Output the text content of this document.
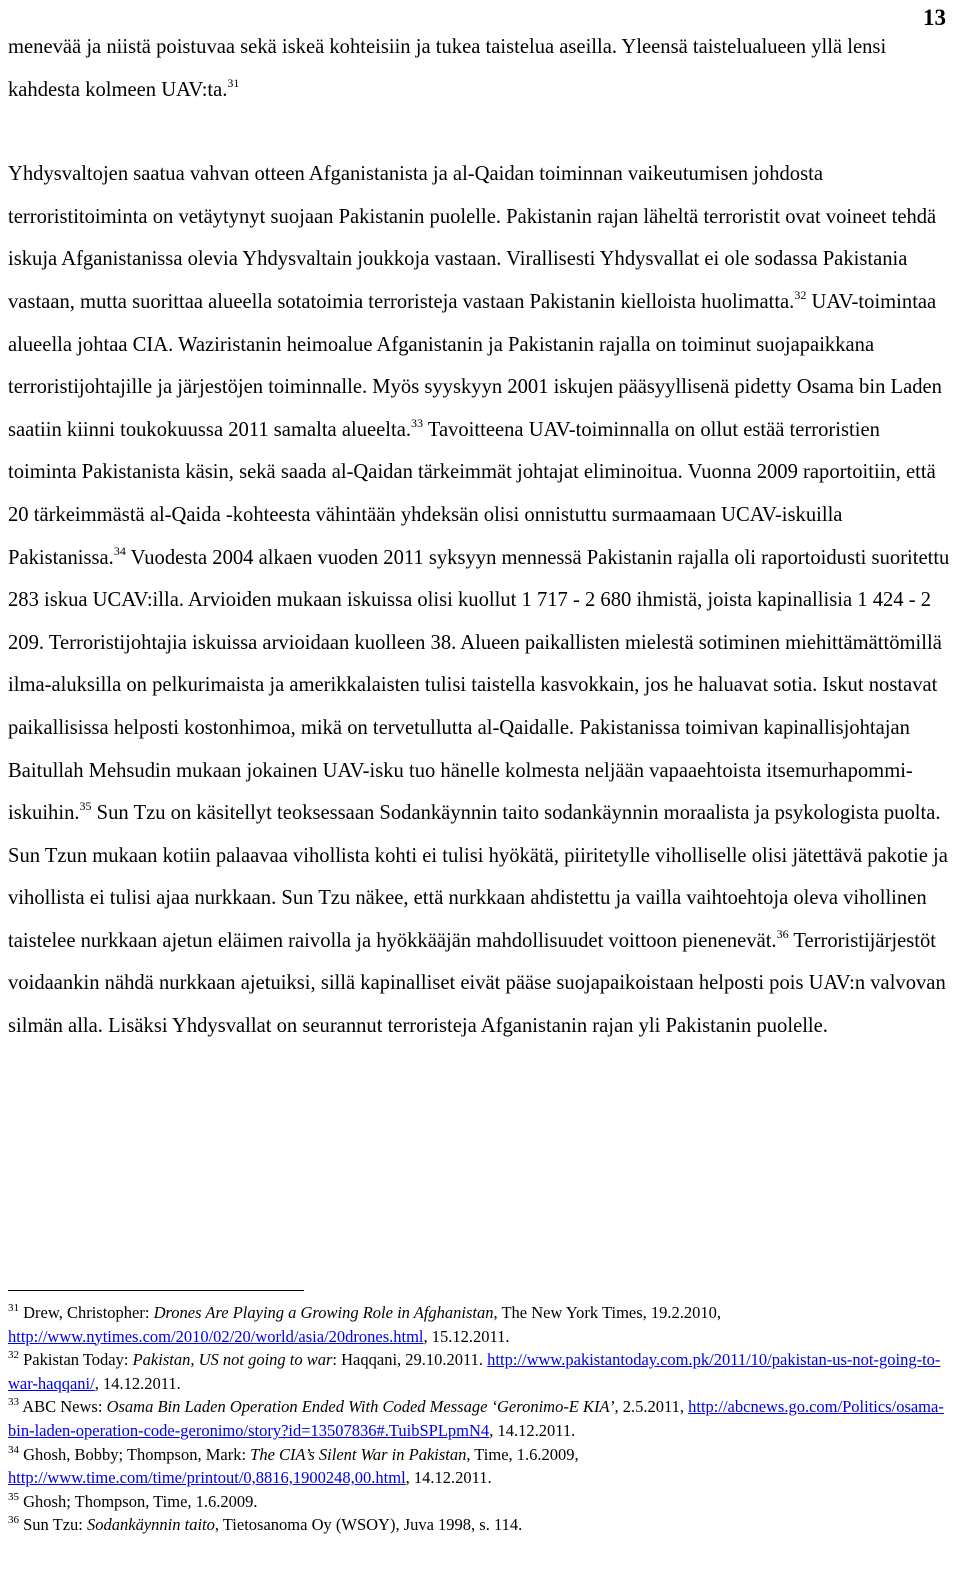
13

menevää ja niistä poistuvaa sekä iskeä kohteisiin ja tukea taistelua aseilla. Yleensä taistelualueen yllä lensi kahdesta kolmeen UAV:ta.$^{31}$

Yhdysvaltojen saatua vahvan otteen Afganistanista ja al-Qaidan toiminnan vaikeutumisen johdosta terroristitoiminta on vetäytynyt suojaan Pakistanin puolelle. Pakistanin rajan läheltä terroristit ovat voineet tehdä iskuja Afganistanissa olevia Yhdysvaltain joukkoja vastaan. Virallisesti Yhdysvallat ei ole sodassa Pakistania vastaan, mutta suorittaa alueella sotatoimia terroristeja vastaan Pakistanin kielloista huolimatta.$^{32}$ UAV-toimintaa alueella johtaa CIA. Waziristanin heimoalue Afganistanin ja Pakistanin rajalla on toiminut suojapaikkana terroristijohtajille ja järjestöjen toiminnalle. Myös syyskyyn 2001 iskujen pääsyyllisenä pidetty Osama bin Laden saatiin kiinni toukokuussa 2011 samalta alueelta.$^{33}$ Tavoitteena UAV-toiminnalla on ollut estää terroristien toiminta Pakistanista käsin, sekä saada al-Qaidan tärkeimmät johtajat eliminoitua. Vuonna 2009 raportoitiin, että 20 tärkeimmästä al-Qaida -kohteesta vähintään yhdeksän olisi onnistuttu surmaamaan UCAV-iskuilla Pakistanissa.$^{34}$ Vuodesta 2004 alkaen vuoden 2011 syksyyn mennessä Pakistanin rajalla oli raportoidusti suoritettu 283 iskua UCAV:illa. Arvioiden mukaan iskuissa olisi kuollut 1 717 - 2 680 ihmistä, joista kapinallisia 1 424 - 2 209. Terroristijohtajia iskuissa arvioidaan kuolleen 38. Alueen paikallisten mielestä sotiminen miehittämättömillä ilma-aluksilla on pelkurimaista ja amerikkalaisten tulisi taistella kasvokkain, jos he haluavat sotia. Iskut nostavat paikallisissa helposti kostonhimoa, mikä on tervetullutta al-Qaidalle. Pakistanissa toimivan kapinallisjohtajan Baitullah Mehsudin mukaan jokainen UAV-isku tuo hänelle kolmesta neljään vapaaehtoista itsemurhapommi-iskuihin.$^{35}$ Sun Tzu on käsitellyt teoksessaan Sodankäynnin taito sodankäynnin moraalista ja psykologista puolta. Sun Tzun mukaan kotiin palaavaa vihollista kohti ei tulisi hyökätä, piiritetylle viholliselle olisi jätettävä pakotie ja vihollista ei tulisi ajaa nurkkaan. Sun Tzu näkee, että nurkkaan ahdistettu ja vailla vaihtoehtoja oleva vihollinen taistelee nurkkaan ajetun eläimen raivolla ja hyökkääjän mahdollisuudet voittoon pienenevät.$^{36}$ Terroristijärjestöt voidaankin nähdä nurkkaan ajetuiksi, sillä kapinalliset eivät pääse suojapaikoistaan helposti pois UAV:n valvovan silmän alla. Lisäksi Yhdysvallat on seurannut terroristeja Afganistanin rajan yli Pakistanin puolelle.

$^{31}$ Drew, Christopher: Drones Are Playing a Growing Role in Afghanistan, The New York Times, 19.2.2010, http://www.nytimes.com/2010/02/20/world/asia/20drones.html, 15.12.2011.
$^{32}$ Pakistan Today: Pakistan, US not going to war: Haqqani, 29.10.2011. http://www.pakistantoday.com.pk/2011/10/pakistan-us-not-going-to-war-haqqani/, 14.12.2011.
$^{33}$ ABC News: Osama Bin Laden Operation Ended With Coded Message ‘Geronimo-E KIA’, 2.5.2011, http://abcnews.go.com/Politics/osama-bin-laden-operation-code-geronimo/story?id=13507836#.TuibSPLpmN4, 14.12.2011.
$^{34}$ Ghosh, Bobby; Thompson, Mark: The CIA’s Silent War in Pakistan, Time, 1.6.2009, http://www.time.com/time/printout/0,8816,1900248,00.html, 14.12.2011.
$^{35}$ Ghosh; Thompson, Time, 1.6.2009.
$^{36}$ Sun Tzu: Sodankäynnin taito, Tietosanoma Oy (WSOY), Juva 1998, s. 114.
